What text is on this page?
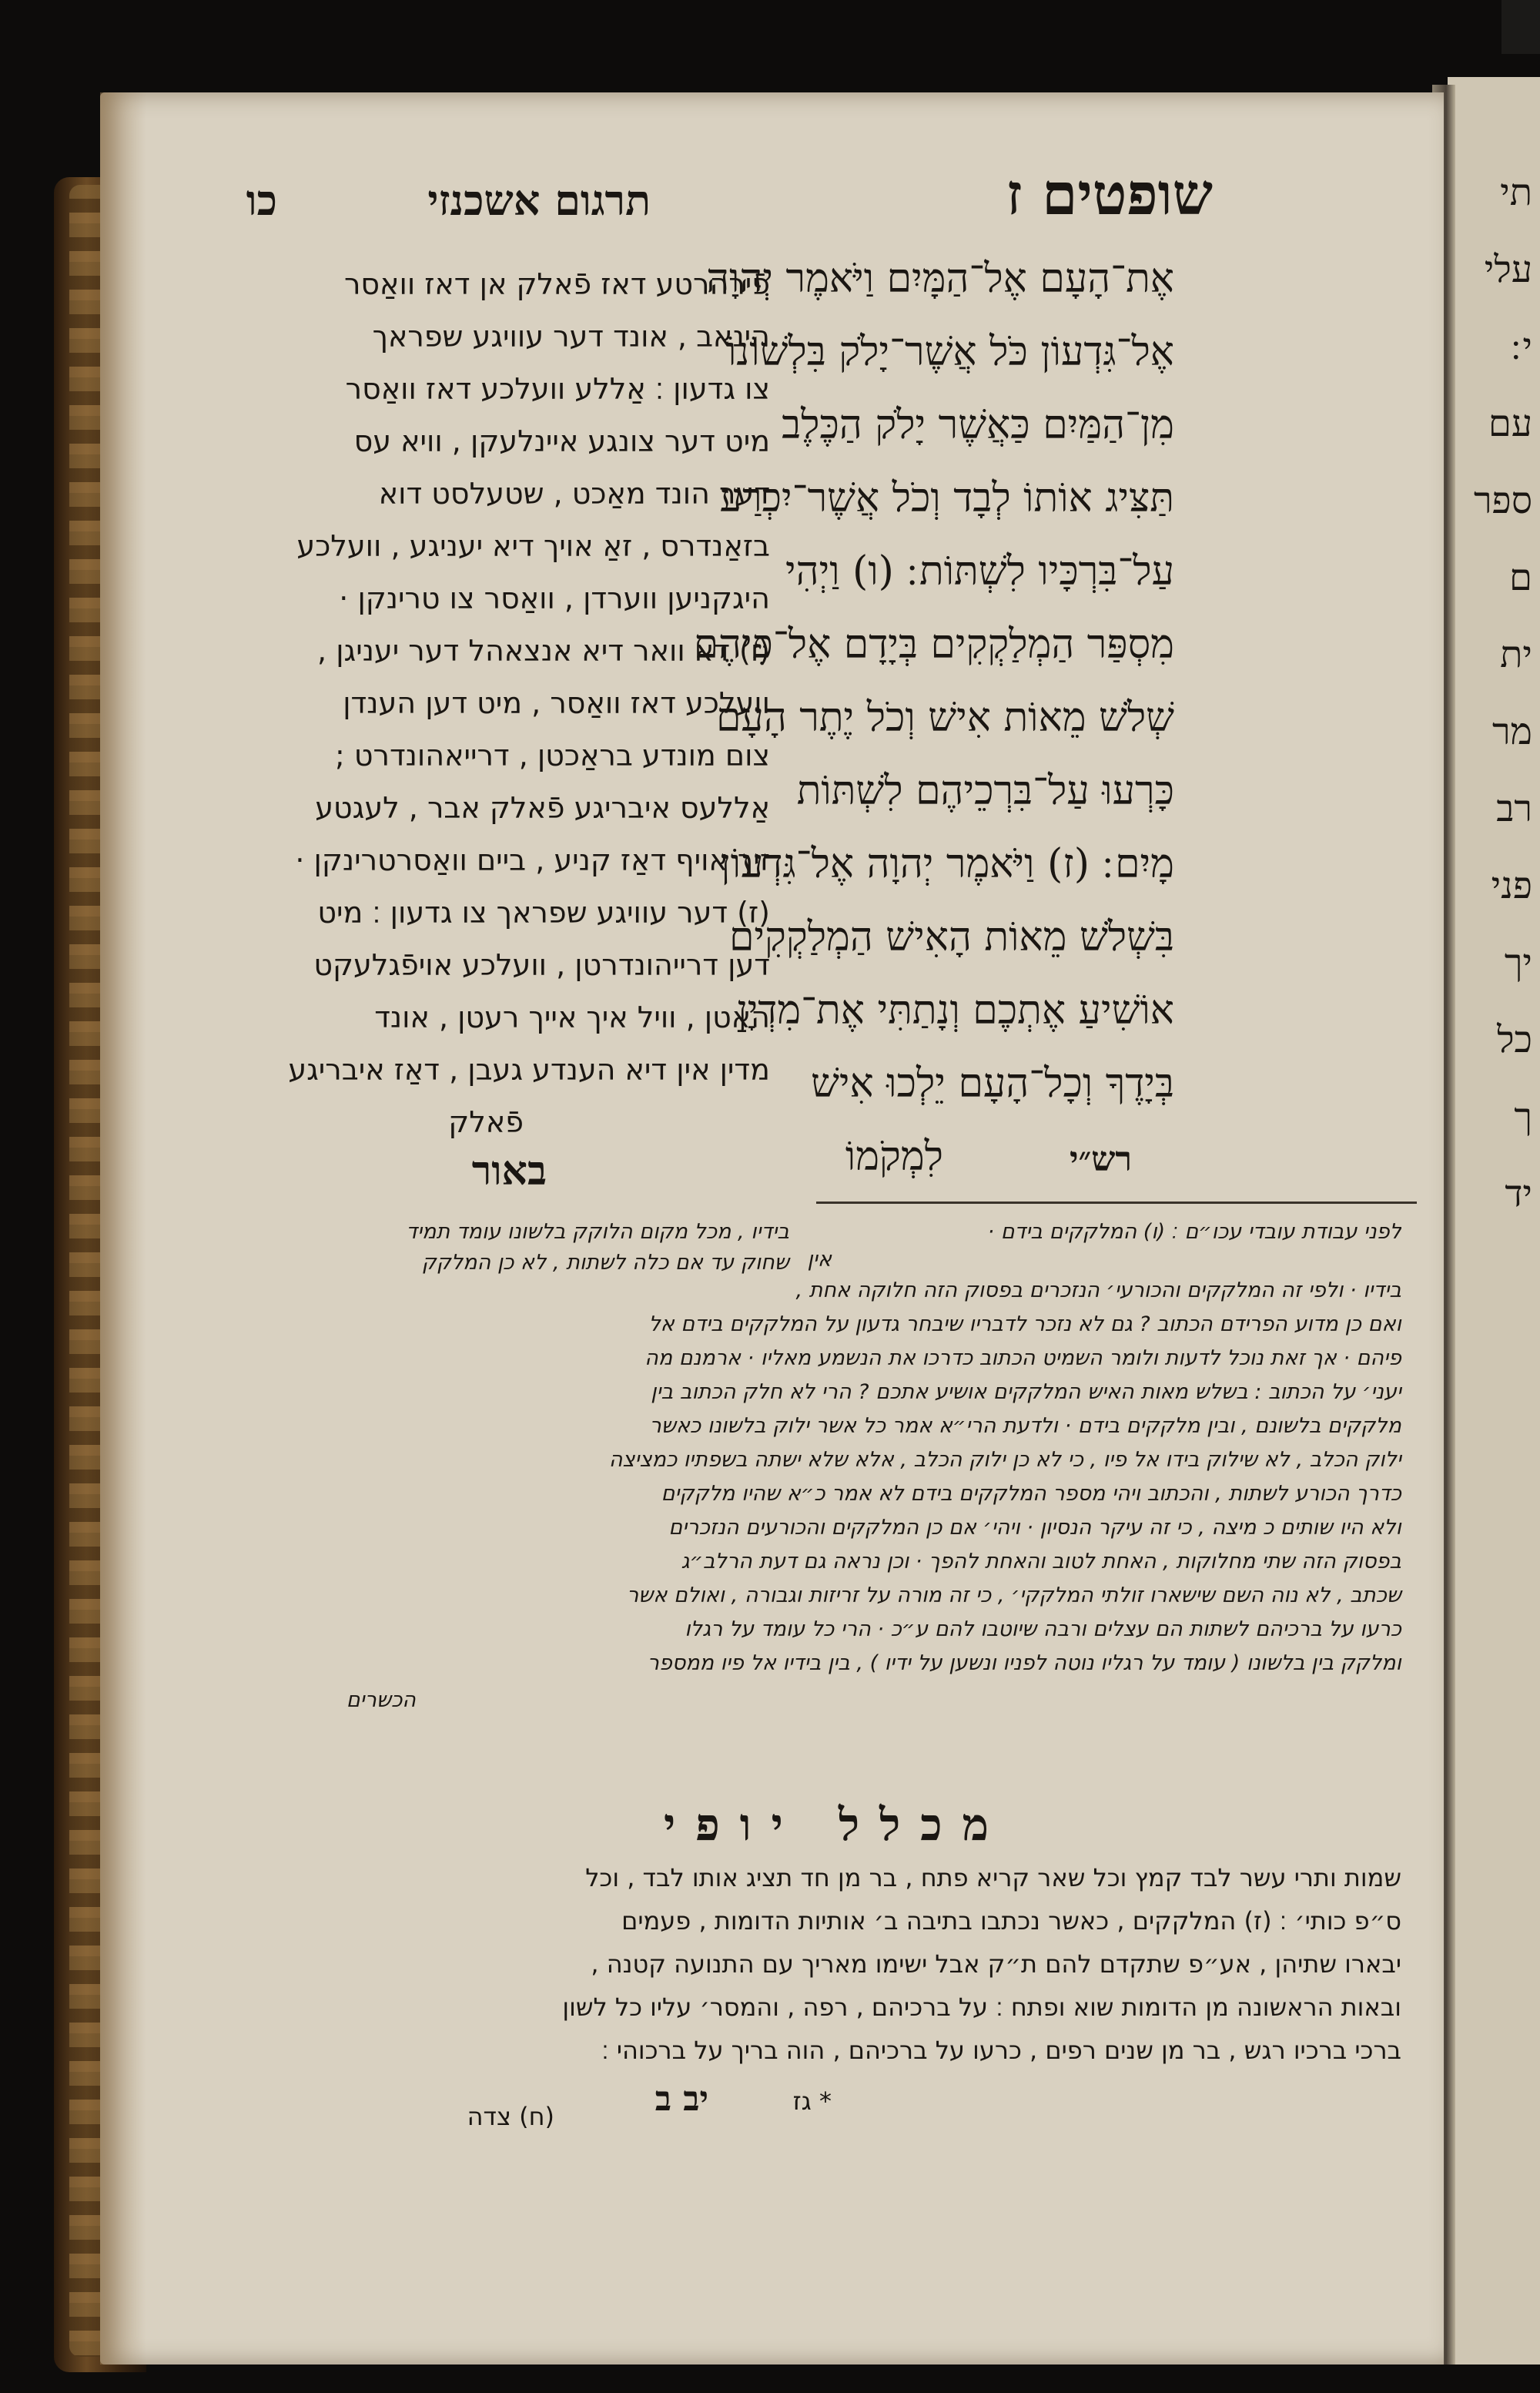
שופטים ז
תרגום אשכנזי
כו
אֶת־הָעָם אֶל־הַמָּיִם וַיֹּאמֶר יְהוָה
אֶל־גִּדְעוֹן כֹּל אֲשֶׁר־יָלֹק בִּלְשׁוֹנוֹ
מִן־הַמַּיִם כַּאֲשֶׁר יָלֹק הַכֶּלֶב
תַּצִּיג אוֹתוֹ לְבָד וְכֹל אֲשֶׁר־יִכְרַע
עַל־בִּרְכָּיו לִשְׁתּוֹת ׃ (ו) וַיְהִי
מִסְפַּר הַמְלַקְקִים בְּיָדָם אֶל־פִּיהֶם
שְׁלֹשׁ מֵאוֹת אִישׁ וְכֹל יֶתֶר הָעָם
כָּרְעוּ עַל־בִּרְכֵיהֶם לִשְׁתּוֹת
מָיִם ׃ (ז) וַיֹּאמֶר יְהוָה אֶל־גִּדְעוֹן
בִּשְׁלֹשׁ מֵאוֹת הָאִישׁ הַמְלַקְקִים
אוֹשִׁיעַ אֶתְכֶם וְנָתַתִּי אֶת־מִדְיָן
בְּיָדֶךָ וְכָל־הָעָם יֵלְכוּ אִישׁ
לִמְקֹמוֹ
פֿירהרטע דאז פֿאלק אן דאז וואַסר
הינאב , אונד דער עוויגע שפראך
צו גדעון ׃ אַללע וועלכע דאז וואַסר
מיט דער צונגע איינלעקן , וויא עס
דער הונד מאַכט , שטעלסט דוא
בזאַנדרס , זאַ אויך דיא יעניגע , וועלכע
היגקניען ווערדן , וואַסר צו טרינקן ·
(ו) דא וואר דיא אנצאהל דער יעניגן ,
וועלכע דאז וואַסר , מיט דען הענדן
צום מונדע בראַכטן , דרייאהונדרט ;
אַללעס איבריגע פֿאלק אבר , לעגטע
זיך אויף דאַז קניע , ביים וואַסרטרינקן ·
(ז) דער עוויגע שפראך צו גדעון ׃ מיט
דען דרייהונדרטן , וועלכע אויפֿגלעקט
האַטן , וויל איך אייך רעטן , אונד
מדין אין דיא הענדע געבן , דאַז איבריגע
פֿאלק
רש״י
באור
בידיו , מכל מקום הלוקק בלשונו עומד תמיד
שחוק עד אם כלה לשתות , לא כן המלקק
לפני עבודת עובדי עכו״ם ׃ (ו) המלקקים בידם ·
אין
בידיו · ולפי זה המלקקים והכורעי׳ הנזכרים בפסוק הזה חלוקה אחת ,
ואם כן מדוע הפרידם הכתוב ? גם לא נזכר לדבריו שיבחר גדעון על המלקקים בידם אל
פיהם · אך זאת נוכל לדעות ולומר השמיט הכתוב כדרכו את הנשמע מאליו · ארמנם מה
יעני׳ על הכתוב : בשלש מאות האיש המלקקים אושיע אתכם ? הרי לא חלק הכתוב בין
מלקקים בלשונם , ובין מלקקים בידם · ולדעת הרי״א אמר כל אשר ילוק בלשונו כאשר
ילוק הכלב , לא שילוק בידו אל פיו , כי לא כן ילוק הכלב , אלא שלא ישתה בשפתיו כמציצה
כדרך הכורע לשתות , והכתוב ויהי מספר המלקקים בידם לא אמר כ״א שהיו מלקקים
ולא היו שותים כ מיצה , כי זה עיקר הנסיון · ויהי׳ אם כן המלקקים והכורעים הנזכרים
בפסוק הזה שתי מחלוקות , האחת לטוב והאחת להפך · וכן נראה גם דעת הרלב״ג
שכתב , לא נוה השם שישארו זולתי המלקקי׳ , כי זה מורה על זריזות וגבורה , ואולם אשר
כרעו על ברכיהם לשתות הם עצלים ורבה שיוטבו להם ע״כ · הרי כל עומד על רגלו
ומלקק בין בלשונו ( עומד על רגליו נוטה לפניו ונשען על ידיו ) , בין בידיו אל פיו ממספר
הכשרים
מכלל יופי
שמות ותרי עשר לבד קמץ וכל שאר קריא פתח , בר מן חד תציג אותו לבד , וכל
ס״פ כותי׳ ׃ (ז) המלקקים , כאשר נכתבו בתיבה ב׳ אותיות הדומות , פעמים
יבארו שתיהן , אע״פ שתקדם להם ת״ק אבל ישימו מאריך עם התנועה קטנה ,
ובאות הראשונה מן הדומות שוא ופתח ׃ על ברכיהם , רפה , והמסר׳ עליו כל לשון
ברכי ברכיו רגש , בר מן שנים רפים , כרעו על ברכיהם , הוה בריך על ברכוהי ׃
יב ב	* גז
(ח) צדה
תי
עלי
י ׃
עם
ספר
ם
ית
מר
רב
פני
יך
כל
ך
יד
